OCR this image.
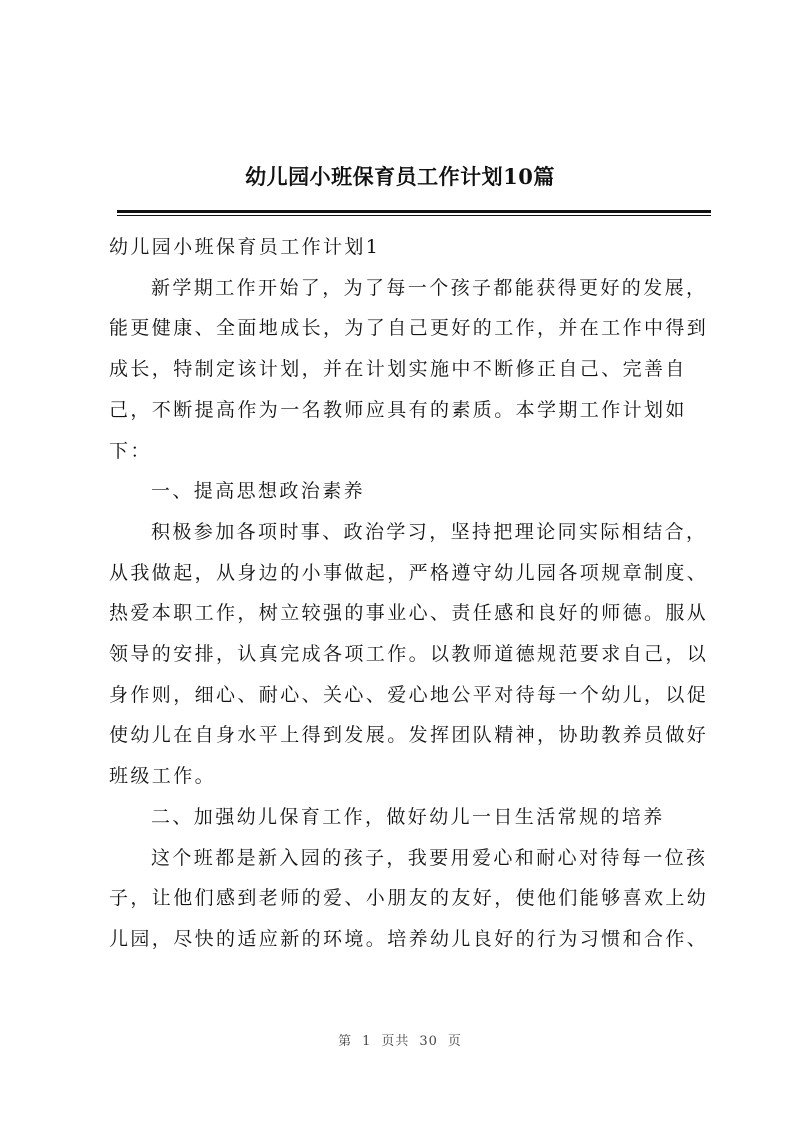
幼儿园小班保育员工作计划10篇

幼儿园小班保育员工作计划1

新学期工作开始了，为了每一个孩子都能获得更好的发展，能更健康、全面地成长，为了自己更好的工作，并在工作中得到成长，特制定该计划，并在计划实施中不断修正自己、完善自己，不断提高作为一名教师应具有的素质。本学期工作计划如下：

一、提高思想政治素养

积极参加各项时事、政治学习，坚持把理论同实际相结合，从我做起，从身边的小事做起，严格遵守幼儿园各项规章制度、热爱本职工作，树立较强的事业心、责任感和良好的师德。服从领导的安排，认真完成各项工作。以教师道德规范要求自己，以身作则，细心、耐心、关心、爱心地公平对待每一个幼儿，以促使幼儿在自身水平上得到发展。发挥团队精神，协助教养员做好班级工作。

二、加强幼儿保育工作，做好幼儿一日生活常规的培养

这个班都是新入园的孩子，我要用爱心和耐心对待每一位孩子，让他们感到老师的爱、小朋友的友好，使他们能够喜欢上幼儿园，尽快的适应新的环境。培养幼儿良好的行为习惯和合作、

第 1 页共 30 页
